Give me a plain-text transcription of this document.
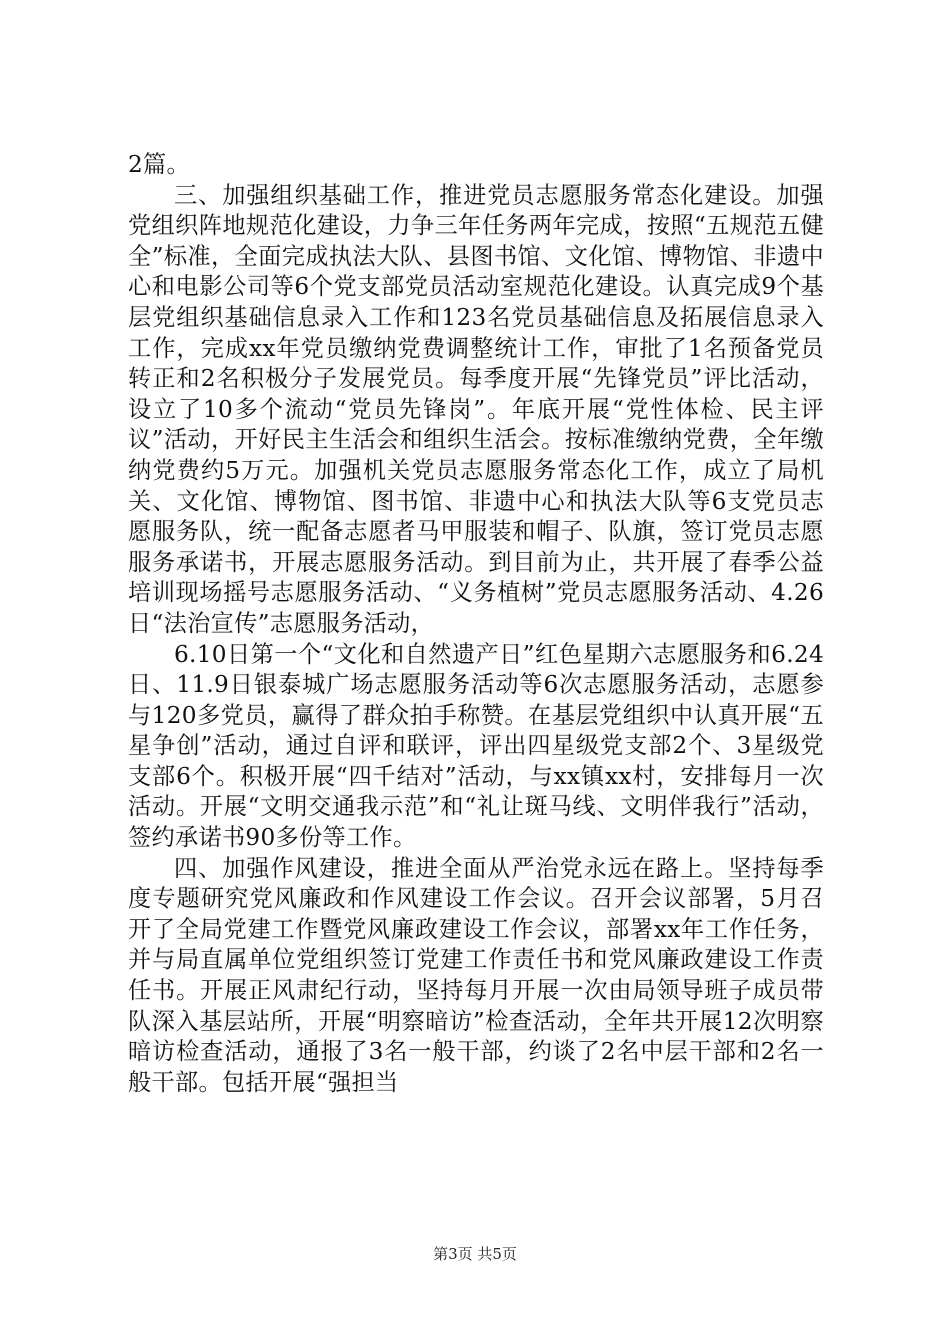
2篇。

三、加强组织基础工作，推进党员志愿服务常态化建设。加强党组织阵地规范化建设，力争三年任务两年完成，按照“五规范五健全”标准，全面完成执法大队、县图书馆、文化馆、博物馆、非遗中心和电影公司等6个党支部党员活动室规范化建设。认真完成9个基层党组织基础信息录入工作和123名党员基础信息及拓展信息录入工作，完成xx年党员缴纳党费调整统计工作，审批了1名预备党员转正和2名积极分子发展党员。每季度开展“先锋党员”评比活动，设立了10多个流动“党员先锋岗”。年底开展“党性体检、民主评议”活动，开好民主生活会和组织生活会。按标准缴纳党费，全年缴纳党费约5万元。加强机关党员志愿服务常态化工作，成立了局机关、文化馆、博物馆、图书馆、非遗中心和执法大队等6支党员志愿服务队，统一配备志愿者马甲服装和帽子、队旗，签订党员志愿服务承诺书，开展志愿服务活动。到目前为止，共开展了春季公益培训现场摇号志愿服务活动、“义务植树”党员志愿服务活动、4.26日“法治宣传”志愿服务活动，

6.10日第一个“文化和自然遗产日”红色星期六志愿服务和6.24日、11.9日银泰城广场志愿服务活动等6次志愿服务活动，志愿参与120多党员，赢得了群众拍手称赞。在基层党组织中认真开展“五星争创”活动，通过自评和联评，评出四星级党支部2个、3星级党支部6个。积极开展“四千结对”活动，与xx镇xx村，安排每月一次活动。开展“文明交通我示范”和“礼让斑马线、文明伴我行”活动，签约承诺书90多份等工作。

四、加强作风建设，推进全面从严治党永远在路上。坚持每季度专题研究党风廉政和作风建设工作会议。召开会议部署，5月召开了全局党建工作暨党风廉政建设工作会议，部署xx年工作任务，并与局直属单位党组织签订党建工作责任书和党风廉政建设工作责任书。开展正风肃纪行动，坚持每月开展一次由局领导班子成员带队深入基层站所，开展“明察暗访”检查活动，全年共开展12次明察暗访检查活动，通报了3名一般干部，约谈了2名中层干部和2名一般干部。包括开展“强担当

第3页 共5页
